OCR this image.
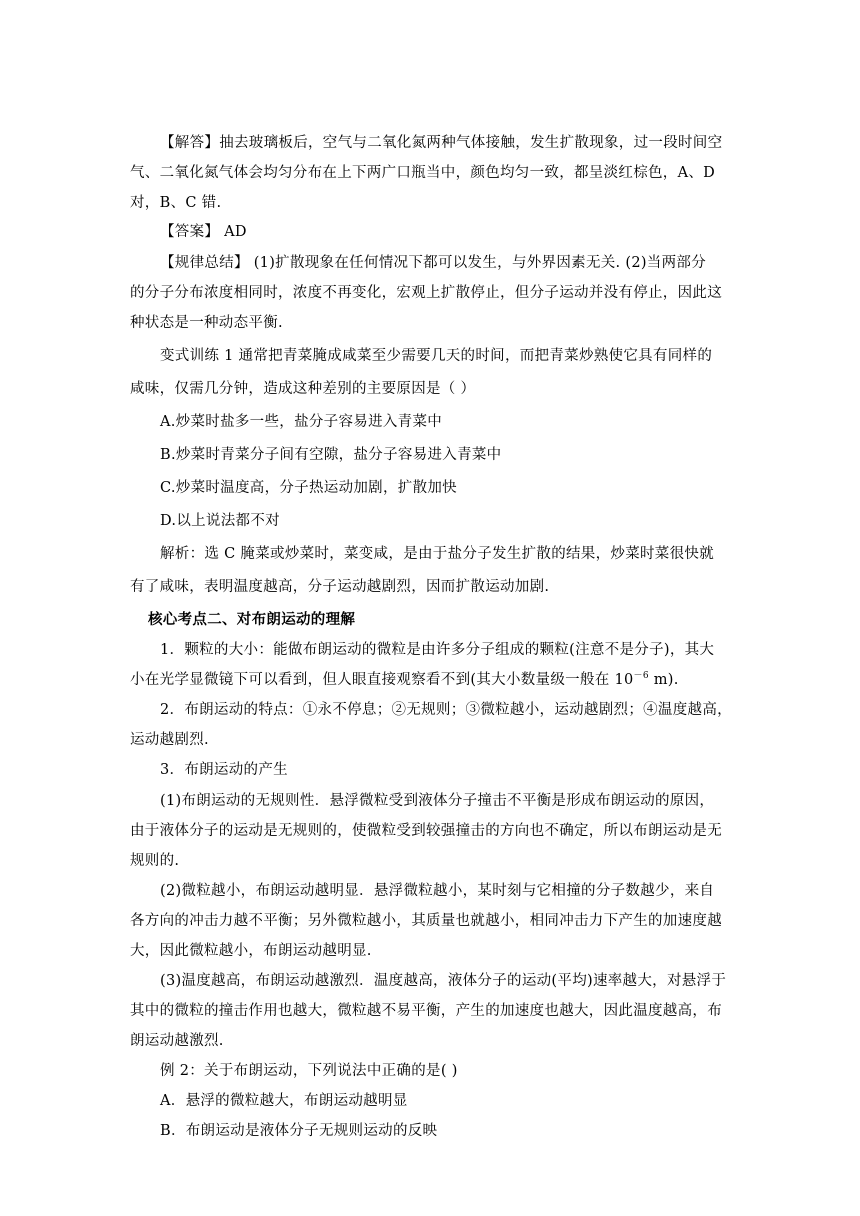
【解答】抽去玻璃板后，空气与二氧化氮两种气体接触，发生扩散现象，过一段时间空
气、二氧化氮气体会均匀分布在上下两广口瓶当中，颜色均匀一致，都呈淡红棕色，A、D
对，B、C 错.
【答案】 AD
【规律总结】 (1)扩散现象在任何情况下都可以发生，与外界因素无关. (2)当两部分
的分子分布浓度相同时，浓度不再变化，宏观上扩散停止，但分子运动并没有停止，因此这
种状态是一种动态平衡.
变式训练 1 通常把青菜腌成咸菜至少需要几天的时间，而把青菜炒熟使它具有同样的
咸味，仅需几分钟，造成这种差别的主要原因是（ ）
A.炒菜时盐多一些，盐分子容易进入青菜中
B.炒菜时青菜分子间有空隙，盐分子容易进入青菜中
C.炒菜时温度高，分子热运动加剧，扩散加快
D.以上说法都不对
解析：选 C 腌菜或炒菜时，菜变咸，是由于盐分子发生扩散的结果，炒菜时菜很快就
有了咸味，表明温度越高，分子运动越剧烈，因而扩散运动加剧.
核心考点二、对布朗运动的理解
1．颗粒的大小：能做布朗运动的微粒是由许多分子组成的颗粒(注意不是分子)，其大
小在光学显微镜下可以看到，但人眼直接观察看不到(其大小数量级一般在 $10^{-6}$ m).
2．布朗运动的特点：①永不停息；②无规则；③微粒越小，运动越剧烈；④温度越高，
运动越剧烈.
3．布朗运动的产生
(1)布朗运动的无规则性．悬浮微粒受到液体分子撞击不平衡是形成布朗运动的原因，
由于液体分子的运动是无规则的，使微粒受到较强撞击的方向也不确定，所以布朗运动是无
规则的.
(2)微粒越小，布朗运动越明显．悬浮微粒越小，某时刻与它相撞的分子数越少，来自
各方向的冲击力越不平衡；另外微粒越小，其质量也就越小，相同冲击力下产生的加速度越
大，因此微粒越小，布朗运动越明显.
(3)温度越高，布朗运动越激烈．温度越高，液体分子的运动(平均)速率越大，对悬浮于
其中的微粒的撞击作用也越大，微粒越不易平衡，产生的加速度也越大，因此温度越高，布
朗运动越激烈.
例 2：关于布朗运动，下列说法中正确的是( )
A．悬浮的微粒越大，布朗运动越明显
B．布朗运动是液体分子无规则运动的反映
